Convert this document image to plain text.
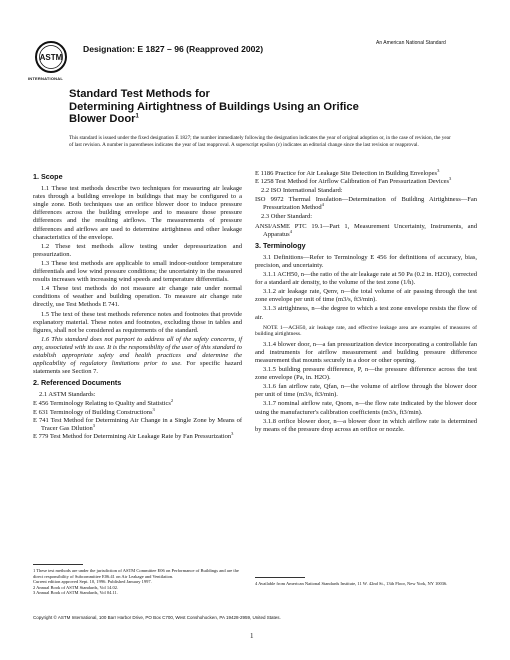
ASTM
INTERNATIONAL
Designation: E 1827 – 96 (Reapproved 2002)
An American National Standard
Standard Test Methods for
Determining Airtightness of Buildings Using an Orifice
Blower Door$^1$
This standard is issued under the fixed designation E 1827; the number immediately following the designation indicates the year of original adoption or, in the case of revision, the year of last revision. A number in parentheses indicates the year of last reapproval. A superscript epsilon (ε) indicates an editorial change since the last revision or reapproval.
1. Scope

1.1 These test methods describe two techniques for measuring air leakage rates through a building envelope in buildings that may be configured to a single zone. Both techniques use an orifice blower door to induce pressure differences across the building envelope and to measure those pressure differences and the resulting airflows. The measurements of pressure differences and airflows are used to determine airtightness and other leakage characteristics of the envelope.

1.2 These test methods allow testing under depressurization and pressurization.

1.3 These test methods are applicable to small indoor-outdoor temperature differentials and low wind pressure conditions; the uncertainty in the measured results increases with increasing wind speeds and temperature differentials.

1.4 These test methods do not measure air change rate under normal conditions of weather and building operation. To measure air change rate directly, use Test Methods E 741.

1.5 The text of these test methods reference notes and footnotes that provide explanatory material. These notes and footnotes, excluding those in tables and figures, shall not be considered as requirements of the standard.

1.6 This standard does not purport to address all of the safety concerns, if any, associated with its use. It is the responsibility of the user of this standard to establish appropriate safety and health practices and determine the applicability of regulatory limitations prior to use. For specific hazard statements see Section 7.

2. Referenced Documents

2.1 ASTM Standards:

E 456 Terminology Relating to Quality and Statistics$^2$

E 631 Terminology of Building Constructions$^3$

E 741 Test Method for Determining Air Change in a Single Zone by Means of Tracer Gas Dilution$^3$

E 779 Test Method for Determining Air Leakage Rate by Fan Pressurization$^3$

E 1186 Practice for Air Leakage Site Detection in Building Envelopes$^3$

E 1258 Test Method for Airflow Calibration of Fan Pressurization Devices$^3$

2.2 ISO International Standard:

ISO 9972 Thermal Insulation—Determination of Building Airtightness—Fan Pressurization Method$^4$

2.3 Other Standard:

ANSI/ASME PTC 19.1—Part 1, Measurement Uncertainty, Instruments, and Apparatus$^4$

3. Terminology

3.1 Definitions—Refer to Terminology E 456 for definitions of accuracy, bias, precision, and uncertainty.

3.1.1 ACH50, n—the ratio of the air leakage rate at 50 Pa (0.2 in. H2O), corrected for a standard air density, to the volume of the test zone (1/h).

3.1.2 air leakage rate, Qenv, n—the total volume of air passing through the test zone envelope per unit of time (m3/s, ft3/min).

3.1.3 airtightness, n—the degree to which a test zone envelope resists the flow of air.

NOTE 1—ACH50, air leakage rate, and effective leakage area are examples of measures of building airtightness.

3.1.4 blower door, n—a fan pressurization device incorporating a controllable fan and instruments for airflow measurement and building pressure difference measurement that mounts securely in a door or other opening.

3.1.5 building pressure difference, P, n—the pressure difference across the test zone envelope (Pa, in. H2O).

3.1.6 fan airflow rate, Qfan, n—the volume of airflow through the blower door per unit of time (m3/s, ft3/min).

3.1.7 nominal airflow rate, Qnom, n—the flow rate indicated by the blower door using the manufacturer's calibration coefficients (m3/s, ft3/min).

3.1.8 orifice blower door, n—a blower door in which airflow rate is determined by means of the pressure drop across an orifice or nozzle.

1 These test methods are under the jurisdiction of ASTM Committee E06 on Performance of Buildings and are the direct responsibility of Subcommittee E06.41 on Air Leakage and Ventilation.
Current edition approved Sept. 10, 1996. Published January 1997.
2 Annual Book of ASTM Standards, Vol 14.02.
3 Annual Book of ASTM Standards, Vol 04.11.
4 Available from American National Standards Institute, 11 W. 42nd St., 13th Floor, New York, NY 10036.
Copyright © ASTM International, 100 Barr Harbor Drive, PO Box C700, West Conshohocken, PA 19428-2959, United States.
1
